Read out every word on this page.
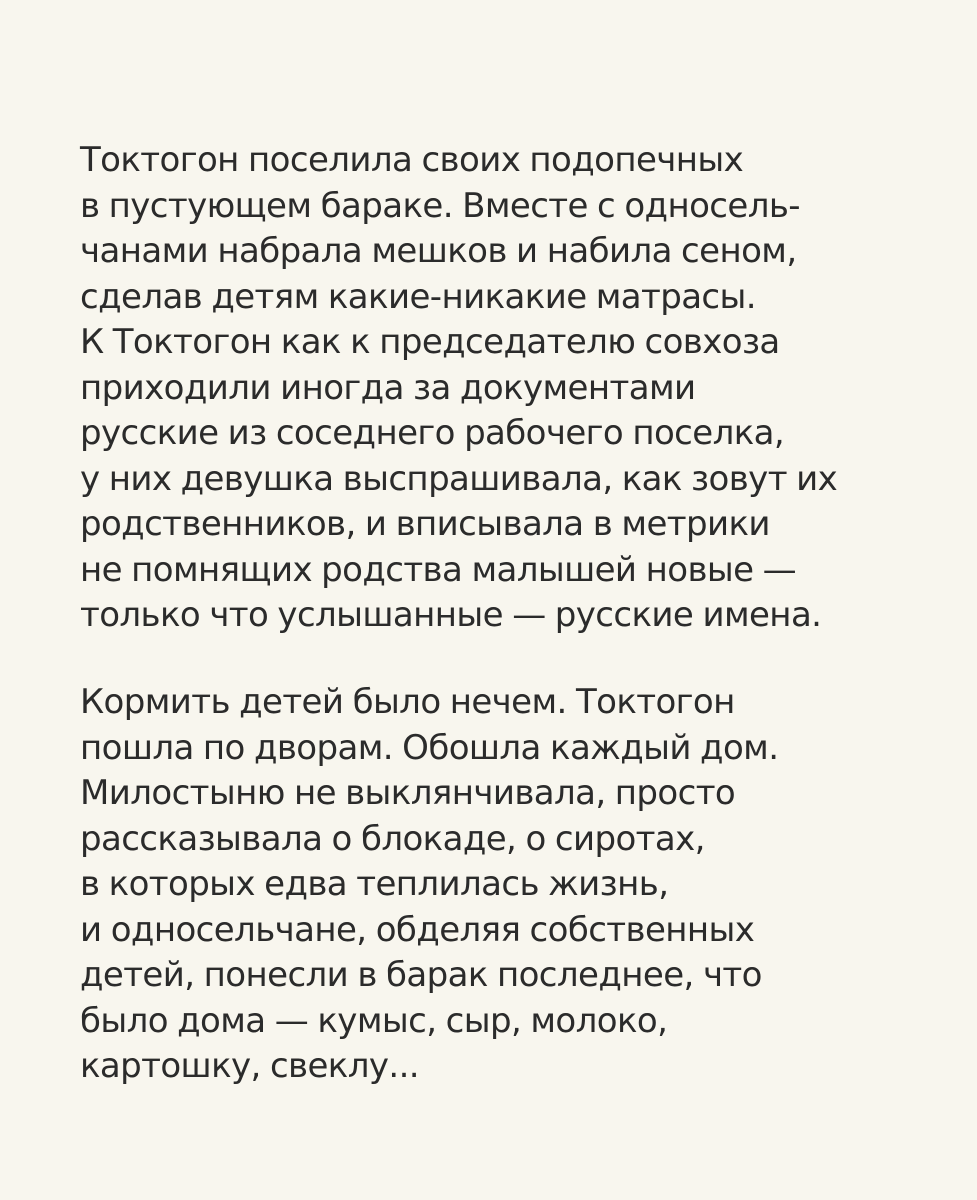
Токтогон поселила своих подопечных
в пустующем бараке. Вместе с односель-
чанами набрала мешков и набила сеном,
сделав детям какие-никакие матрасы.
К Токтогон как к председателю совхоза
приходили иногда за документами
русские из соседнего рабочего поселка,
у них девушка выспрашивала, как зовут их
родственников, и вписывала в метрики
не помнящих родства малышей новые —
только что услышанные — русские имена.
Кормить детей было нечем. Токтогон
пошла по дворам. Обошла каждый дом.
Милостыню не выклянчивала, просто
рассказывала о блокаде, о сиротах,
в которых едва теплилась жизнь,
и односельчане, обделяя собственных
детей, понесли в барак последнее, что
было дома — кумыс, сыр, молоко,
картошку, свеклу...
